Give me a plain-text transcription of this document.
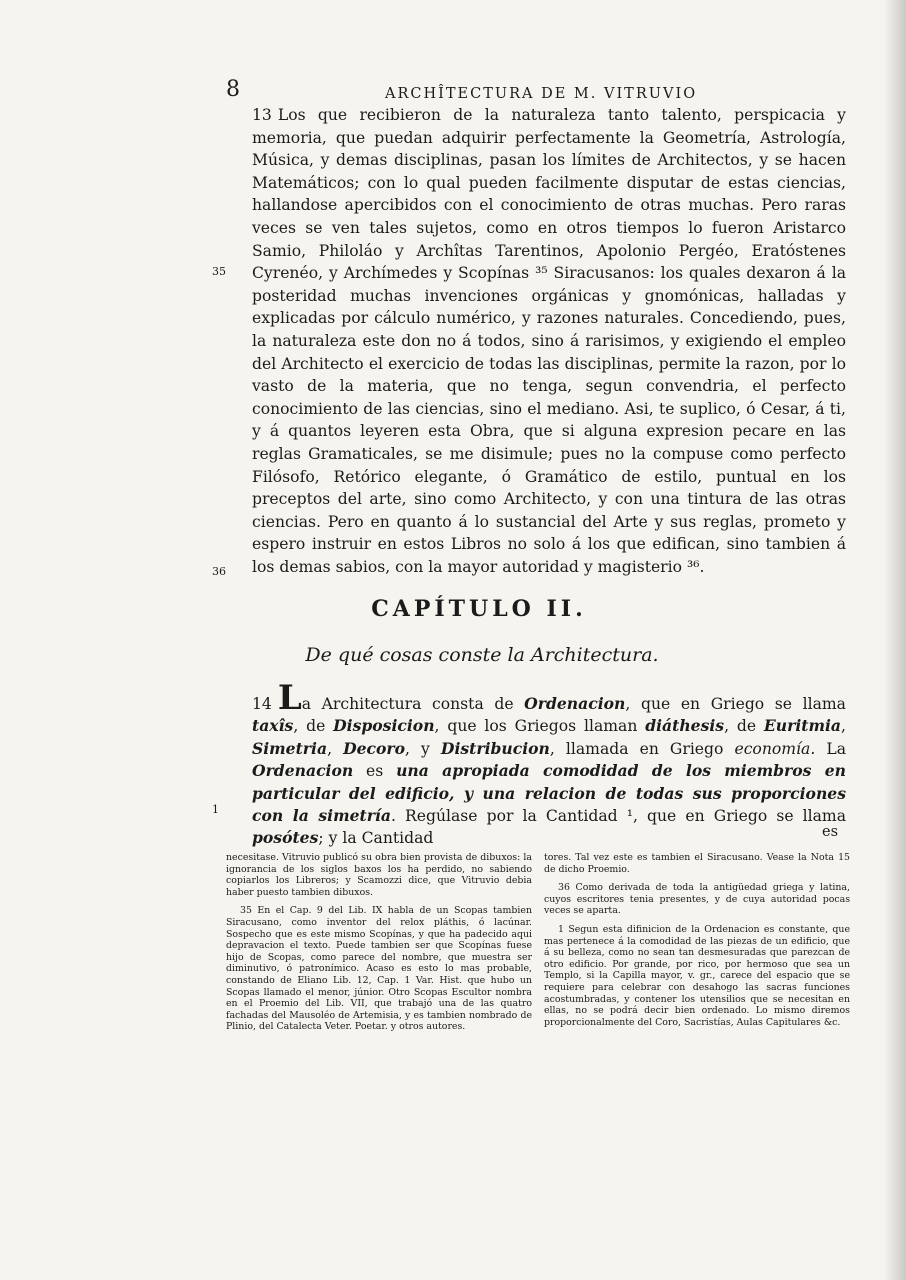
8	ARCHÎTECTURA DE M. VITRUVIO
35
36
1

13 Los que recibieron de la naturaleza tanto talento, perspicacia y memoria, que puedan adquirir perfectamente la Geometría, Astrología, Música, y demas disciplinas, pasan los límites de Architectos, y se hacen Matemáticos; con lo qual pueden facilmente disputar de estas ciencias, hallandose apercibidos con el conocimiento de otras muchas. Pero raras veces se ven tales sujetos, como en otros tiempos lo fueron Aristarco Samio, Philoláo y Archîtas Tarentinos, Apolonio Pergéo, Eratóstenes Cyrenéo, y Archímedes y Scopínas ³⁵ Siracusanos: los quales dexaron á la posteridad muchas invenciones orgánicas y gnomónicas, halladas y explicadas por cálculo numérico, y razones naturales. Concediendo, pues, la naturaleza este don no á todos, sino á rarisimos, y exigiendo el empleo del Architecto el exercicio de todas las disciplinas, permite la razon, por lo vasto de la materia, que no tenga, segun convendria, el perfecto conocimiento de las ciencias, sino el mediano. Asi, te suplico, ó Cesar, á ti, y á quantos leyeren esta Obra, que si alguna expresion pecare en las reglas Gramaticales, se me disimule; pues no la compuse como perfecto Filósofo, Retórico elegante, ó Gramático de estilo, puntual en los preceptos del arte, sino como Architecto, y con una tintura de las otras ciencias. Pero en quanto á lo sustancial del Arte y sus reglas, prometo y espero instruir en estos Libros no solo á los que edifican, sino tambien á los demas sabios, con la mayor autoridad y magisterio ³⁶.

CAPÍTULO II.
De qué cosas conste la Architectura.

14 La Architectura consta de Ordenacion, que en Griego se llama taxîs, de Disposicion, que los Griegos llaman diáthesis, de Euritmia, Simetria, Decoro, y Distribucion, llamada en Griego economía. La Ordenacion es una apropiada comodidad de los miembros en particular del edificio, y una relacion de todas sus proporciones con la simetría. Regúlase por la Cantidad ¹, que en Griego se llama posótes; y la Cantidad	es

necesitase. Vitruvio publicó su obra bien provista de dibuxos: la ignorancia de los siglos baxos los ha perdido, no sabiendo copiarlos los Libreros; y Scamozzi dice, que Vitruvio debia haber puesto tambien dibuxos.

35 En el Cap. 9 del Lib. IX habla de un Scopas tambien Siracusano, como inventor del relox pláthis, ó lacúnar. Sospecho que es este mismo Scopínas, y que ha padecido aqui depravacion el texto. Puede tambien ser que Scopínas fuese hijo de Scopas, como parece del nombre, que muestra ser diminutivo, ó patronímico. Acaso es esto lo mas probable, constando de Eliano Lib. 12, Cap. 1 Var. Hist. que hubo un Scopas llamado el menor, júnior. Otro Scopas Escultor nombra en el Proemio del Lib. VII, que trabajó una de las quatro fachadas del Mausoléo de Artemisia, y es tambien nombrado de Plinio, del Catalecta Veter. Poetar. y otros autores.

tores. Tal vez este es tambien el Siracusano. Vease la Nota 15 de dicho Proemio.

36 Como derivada de toda la antigüedad griega y latina, cuyos escritores tenia presentes, y de cuya autoridad pocas veces se aparta.

1 Segun esta difinicion de la Ordenacion es constante, que mas pertenece á la comodidad de las piezas de un edificio, que á su belleza, como no sean tan desmesuradas que parezcan de otro edificio. Por grande, por rico, por hermoso que sea un Templo, si la Capilla mayor, v. gr., carece del espacio que se requiere para celebrar con desahogo las sacras funciones acostumbradas, y contener los utensilios que se necesitan en ellas, no se podrá decir bien ordenado. Lo mismo diremos proporcionalmente del Coro, Sacristías, Aulas Capitulares &c.
